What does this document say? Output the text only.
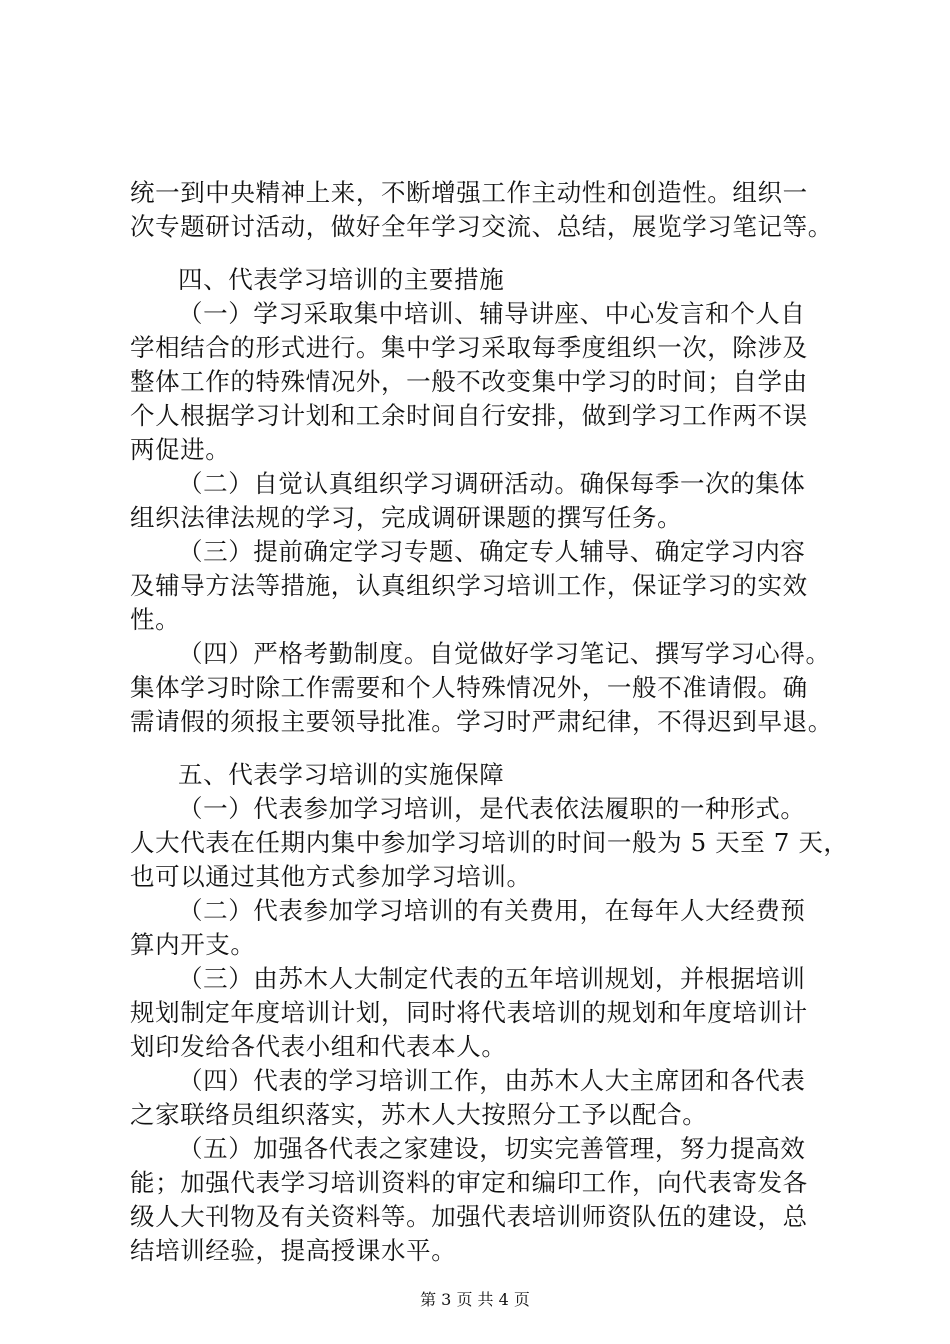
统一到中央精神上来，不断增强工作主动性和创造性。组织一
次专题研讨活动，做好全年学习交流、总结，展览学习笔记等。
四、代表学习培训的主要措施
（一）学习采取集中培训、辅导讲座、中心发言和个人自
学相结合的形式进行。集中学习采取每季度组织一次，除涉及
整体工作的特殊情况外，一般不改变集中学习的时间；自学由
个人根据学习计划和工余时间自行安排，做到学习工作两不误
两促进。
（二）自觉认真组织学习调研活动。确保每季一次的集体
组织法律法规的学习，完成调研课题的撰写任务。
（三）提前确定学习专题、确定专人辅导、确定学习内容
及辅导方法等措施，认真组织学习培训工作，保证学习的实效
性。
（四）严格考勤制度。自觉做好学习笔记、撰写学习心得。
集体学习时除工作需要和个人特殊情况外，一般不准请假。确
需请假的须报主要领导批准。学习时严肃纪律，不得迟到早退。
五、代表学习培训的实施保障
（一）代表参加学习培训，是代表依法履职的一种形式。
人大代表在任期内集中参加学习培训的时间一般为 5 天至 7 天，
也可以通过其他方式参加学习培训。
（二）代表参加学习培训的有关费用，在每年人大经费预
算内开支。
（三）由苏木人大制定代表的五年培训规划，并根据培训
规划制定年度培训计划，同时将代表培训的规划和年度培训计
划印发给各代表小组和代表本人。
（四）代表的学习培训工作，由苏木人大主席团和各代表
之家联络员组织落实，苏木人大按照分工予以配合。
（五）加强各代表之家建设，切实完善管理，努力提高效
能；加强代表学习培训资料的审定和编印工作，向代表寄发各
级人大刊物及有关资料等。加强代表培训师资队伍的建设，总
结培训经验，提高授课水平。
第 3 页 共 4 页
